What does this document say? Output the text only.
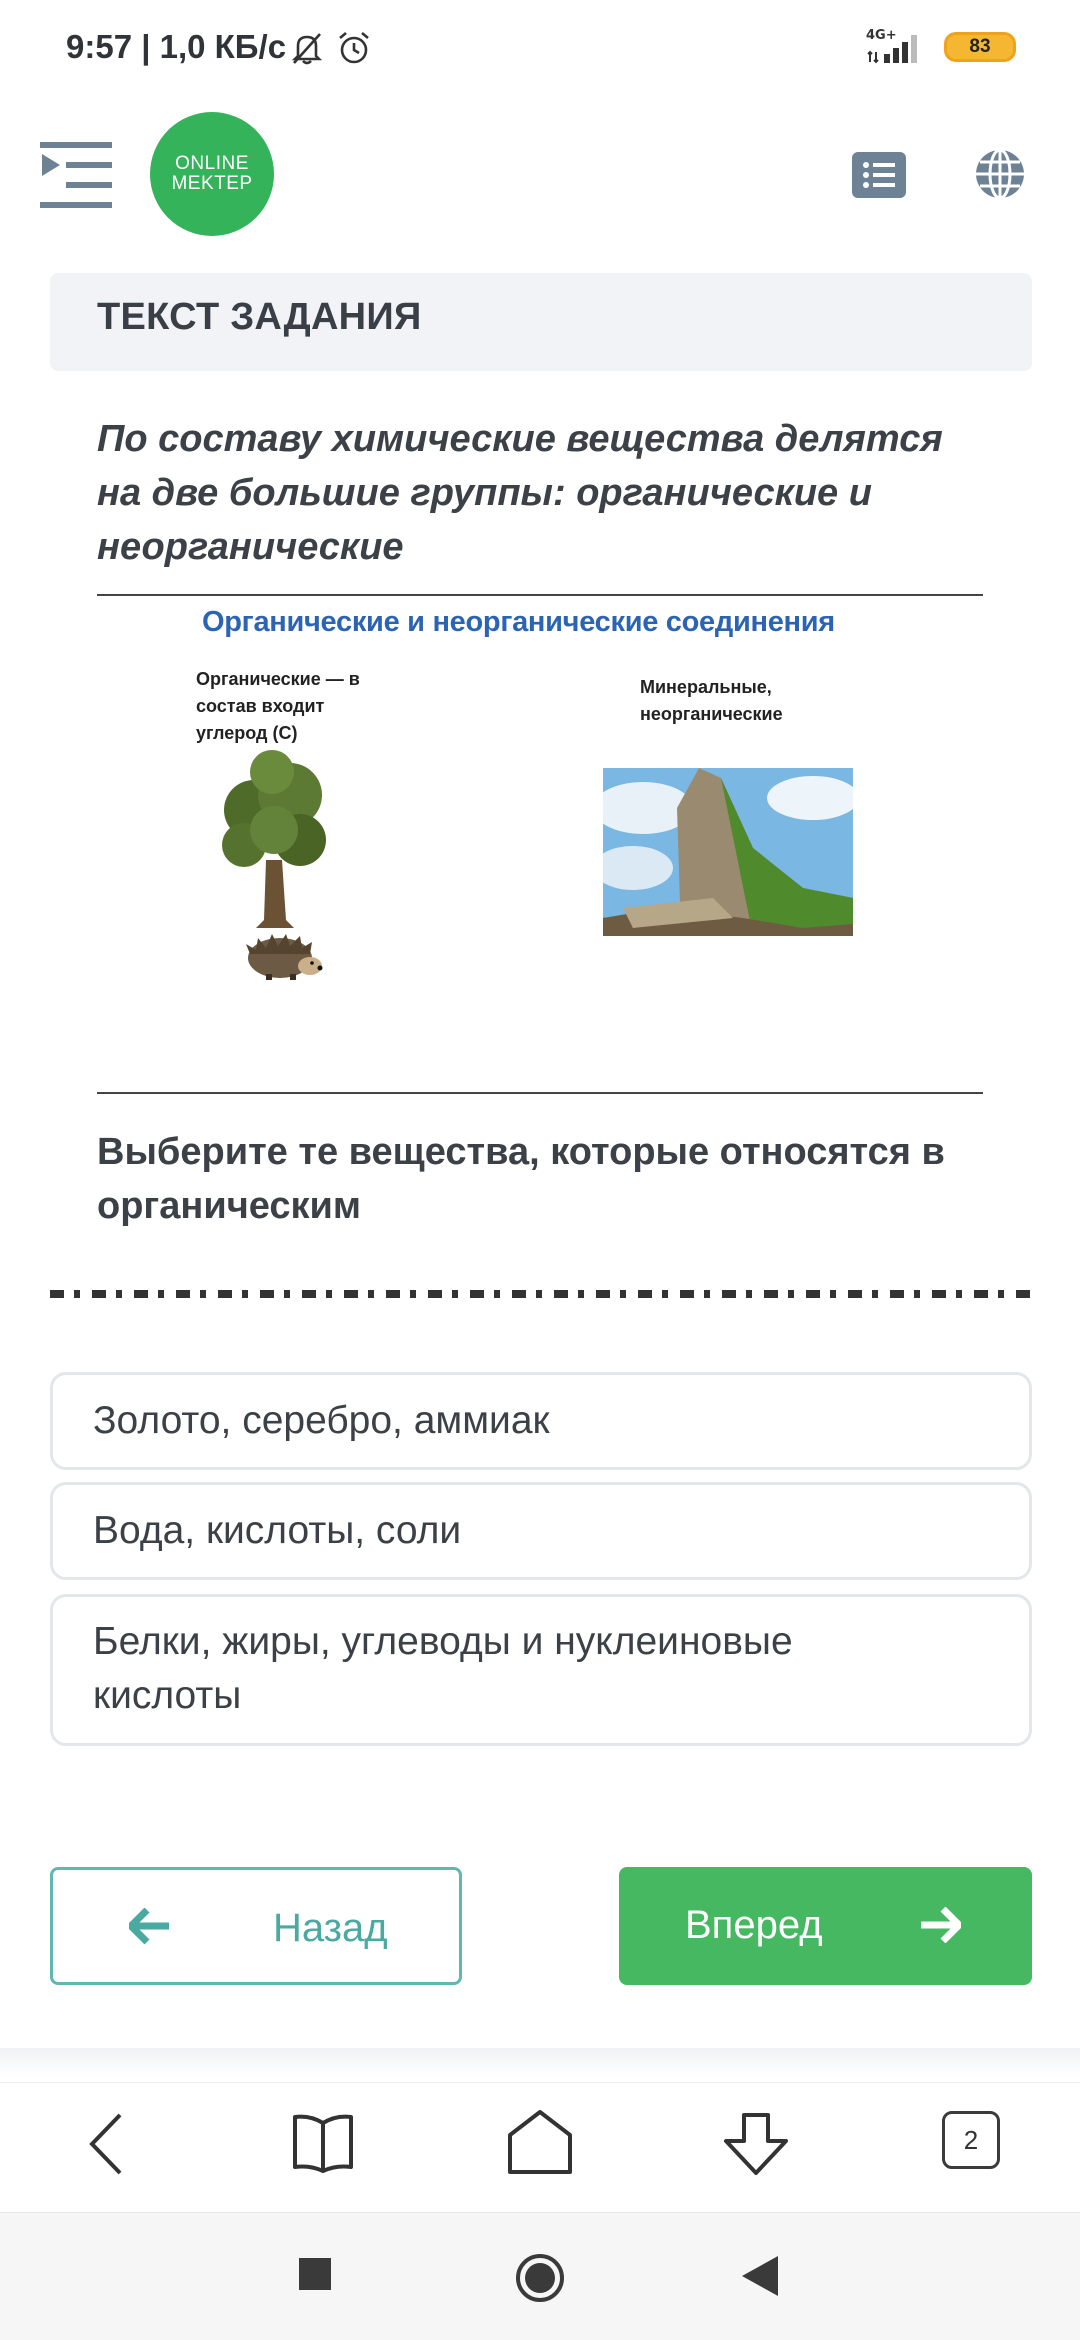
9:57 | 1,0 КБ/с	4G+
83
ONLINE
MEKTEP
ТЕКСТ ЗАДАНИЯ
По составу химические вещества делятся на две большие группы: органические и неорганические
Органические и неорганические соединения
Органические — в состав входит углерод (С)
Минеральные, неорганические
Выберите те вещества, которые относятся в органическим
Золото, серебро, аммиак
Вода, кислоты, соли
Белки, жиры, углеводы и нуклеиновые кислоты
Назад	Вперед
2
